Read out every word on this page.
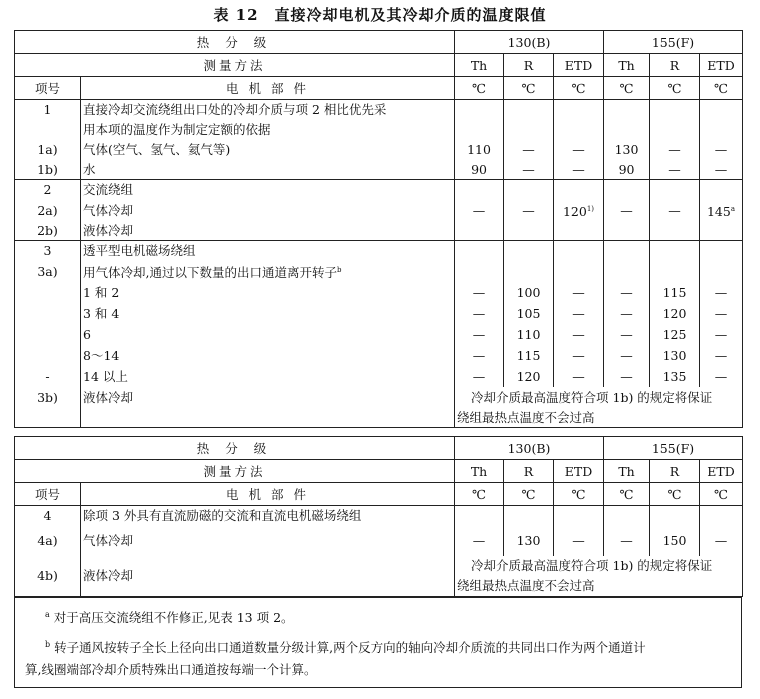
表 12　直接冷却电机及其冷却介质的温度限值
热 分 级		130(B)			155(F)		
测量方法		Th	R	ETD	Th	R	ETD
项号	电 机 部 件	℃	℃	℃	℃	℃	℃
1	直接冷却交流绕组出口处的冷却介质与项 2 相比优先采						
	用本项的温度作为制定定额的依据						
1a)	气体(空气、氢气、氦气等)	110	—	—	130	—	—
1b)	水	90	—	—	90	—	—
2	交流绕组						
2a)	气体冷却	—	—	120$^{1)}$	—	—	145$^a$
2b)	液体冷却						
3	透平型电机磁场绕组						
3a)	用气体冷却,通过以下数量的出口通道离开转子$^b$						
	1 和 2	—	100	—	—	115	—
	3 和 4	—	105	—	—	120	—
	6	—	110	—	—	125	—
	8～14	—	115	—	—	130	—
-	14 以上	—	120	—	—	135	—
3b)	液体冷却	冷却介质最高温度符合项 1b) 的规定将保证					
		绕组最热点温度不会过高					
热 分 级		130(B)			155(F)		
测量方法		Th	R	ETD	Th	R	ETD
项号	电 机 部 件	℃	℃	℃	℃	℃	℃
4	除项 3 外具有直流励磁的交流和直流电机磁场绕组						
4a)	气体冷却	—	130	—	—	150	—
4b)	液体冷却	冷却介质最高温度符合项 1b) 的规定将保证
绕组最热点温度不会过高					
$^a$ 对于高压交流绕组不作修正,见表 13 项 2。
$^b$ 转子通风按转子全长上径向出口通道数量分级计算,两个反方向的轴向冷却介质流的共同出口作为两个通道计
算,线圈端部冷却介质特殊出口通道按每端一个计算。
